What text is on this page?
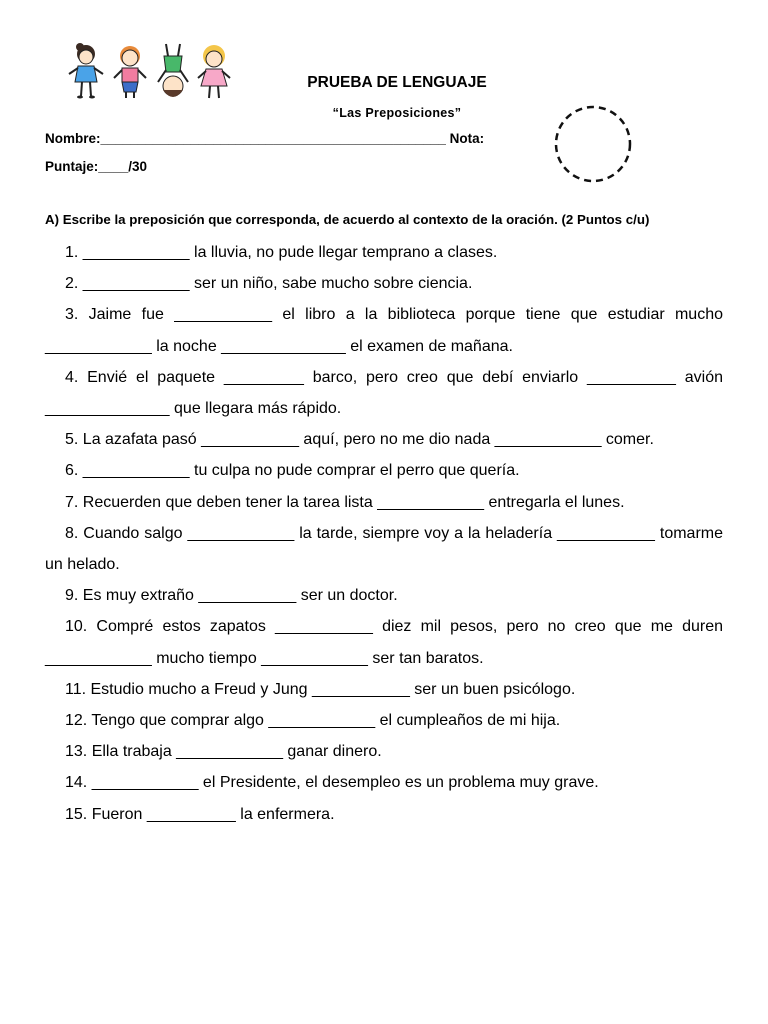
PRUEBA DE LENGUAJE
“Las Preposiciones”
Nombre:______________________________________________ Nota:
Puntaje:____/30
A) Escribe la preposición que corresponda, de acuerdo al contexto de la oración. (2 Puntos c/u)

1. ____________ la lluvia, no pude llegar temprano a clases.

2. ____________ ser un niño, sabe mucho sobre ciencia.

3. Jaime fue ___________ el libro a la biblioteca porque tiene que estudiar mucho ____________ la noche ______________ el examen de mañana.

4. Envié el paquete _________ barco, pero creo que debí enviarlo __________ avión ______________ que llegara más rápido.

5. La azafata pasó ___________ aquí, pero no me dio nada ____________ comer.

6. ____________ tu culpa no pude comprar el perro que quería.

7. Recuerden que deben tener la tarea lista ____________ entregarla el lunes.

8. Cuando salgo ____________ la tarde, siempre voy a la heladería ___________ tomarme un helado.

9. Es muy extraño ___________ ser un doctor.

10. Compré estos zapatos ___________ diez mil pesos, pero no creo que me duren ____________ mucho tiempo ____________ ser tan baratos.

11. Estudio mucho a Freud y Jung ___________ ser un buen psicólogo.

12. Tengo que comprar algo ____________ el cumpleaños de mi hija.

13. Ella trabaja ____________ ganar dinero.

14. ____________ el Presidente, el desempleo es un problema muy grave.

15. Fueron __________ la enfermera.
